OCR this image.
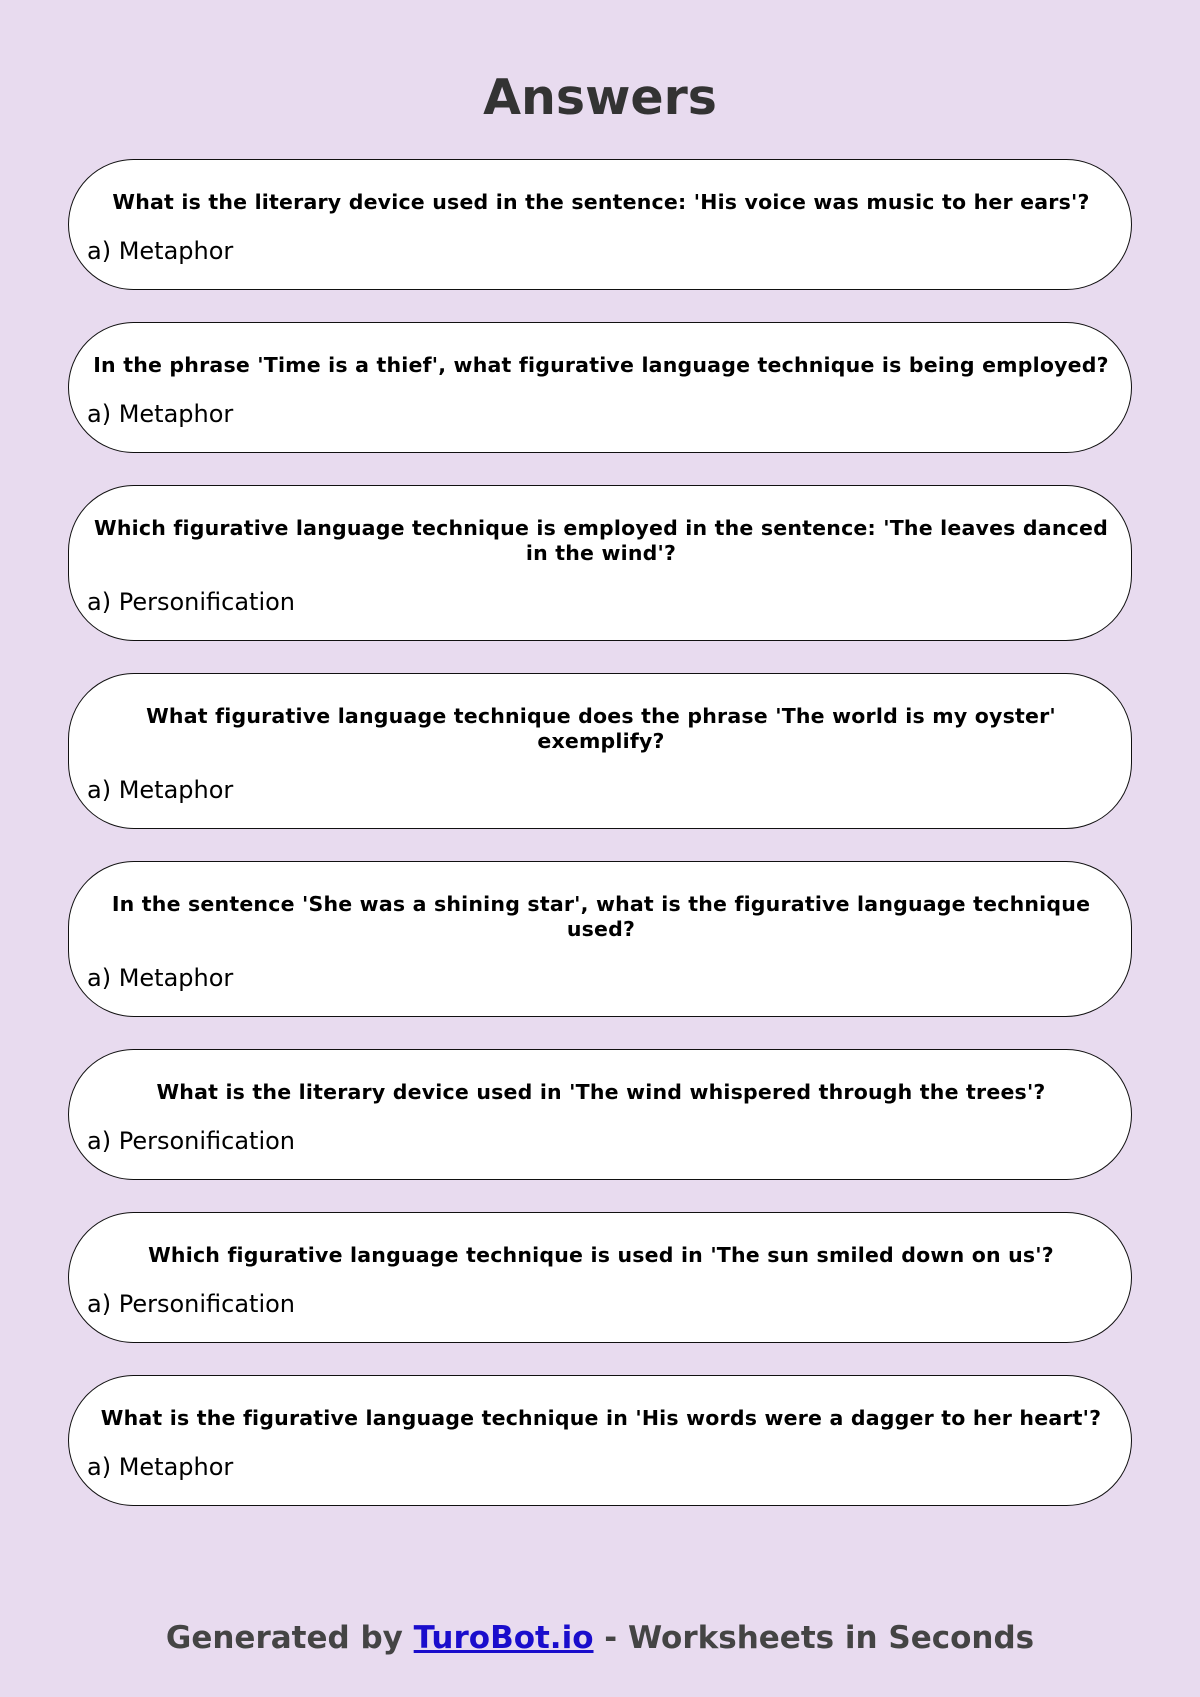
Answers

What is the literary device used in the sentence: 'His voice was music to her ears'?

a) Metaphor

In the phrase 'Time is a thief', what figurative language technique is being employed?

a) Metaphor

Which figurative language technique is employed in the sentence: 'The leaves danced in the wind'?

a) Personification

What figurative language technique does the phrase 'The world is my oyster' exemplify?

a) Metaphor

In the sentence 'She was a shining star', what is the figurative language technique used?

a) Metaphor

What is the literary device used in 'The wind whispered through the trees'?

a) Personification

Which figurative language technique is used in 'The sun smiled down on us'?

a) Personification

What is the figurative language technique in 'His words were a dagger to her heart'?

a) Metaphor

Generated by TuroBot.io - Worksheets in Seconds
